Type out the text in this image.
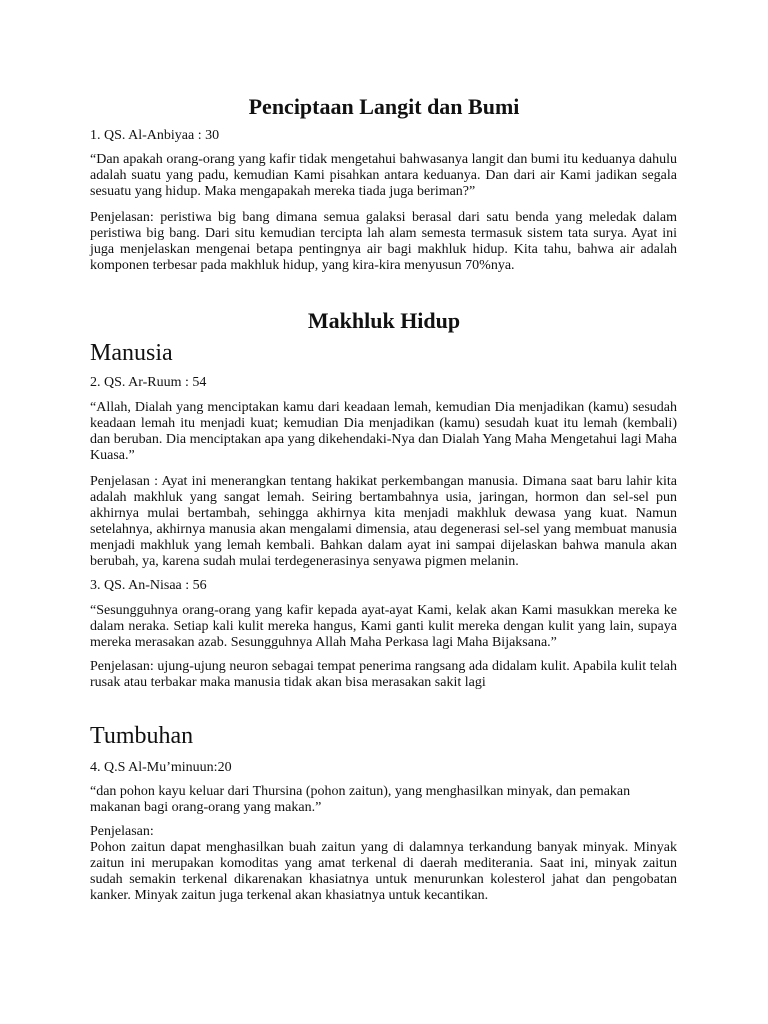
Penciptaan Langit dan Bumi

1. QS. Al-Anbiyaa : 30

“Dan apakah orang-orang yang kafir tidak mengetahui bahwasanya langit dan bumi itu keduanya dahulu adalah suatu yang padu, kemudian Kami pisahkan antara keduanya. Dan dari air Kami jadikan segala sesuatu yang hidup. Maka mengapakah mereka tiada juga beriman?”

Penjelasan: peristiwa big bang dimana semua galaksi berasal dari satu benda yang meledak dalam peristiwa big bang. Dari situ kemudian tercipta lah alam semesta termasuk sistem tata surya. Ayat ini juga menjelaskan mengenai betapa pentingnya air bagi makhluk hidup. Kita tahu, bahwa air adalah komponen terbesar pada makhluk hidup, yang kira-kira menyusun 70%nya.

Makhluk Hidup
Manusia

2. QS. Ar-Ruum : 54

“Allah, Dialah yang menciptakan kamu dari keadaan lemah, kemudian Dia menjadikan (kamu) sesudah keadaan lemah itu menjadi kuat; kemudian Dia menjadikan (kamu) sesudah kuat itu lemah (kembali) dan beruban. Dia menciptakan apa yang dikehendaki-Nya dan Dialah Yang Maha Mengetahui lagi Maha Kuasa.”

Penjelasan : Ayat ini menerangkan tentang hakikat perkembangan manusia. Dimana saat baru lahir kita adalah makhluk yang sangat lemah. Seiring bertambahnya usia, jaringan, hormon dan sel-sel pun akhirnya mulai bertambah, sehingga akhirnya kita menjadi makhluk dewasa yang kuat. Namun setelahnya, akhirnya manusia akan mengalami dimensia, atau degenerasi sel-sel yang membuat manusia menjadi makhluk yang lemah kembali. Bahkan dalam ayat ini sampai dijelaskan bahwa manula akan berubah, ya, karena sudah mulai terdegenerasinya senyawa pigmen melanin.

3. QS. An-Nisaa : 56

“Sesungguhnya orang-orang yang kafir kepada ayat-ayat Kami, kelak akan Kami masukkan mereka ke dalam neraka. Setiap kali kulit mereka hangus, Kami ganti kulit mereka dengan kulit yang lain, supaya mereka merasakan azab. Sesungguhnya Allah Maha Perkasa lagi Maha Bijaksana.”

Penjelasan: ujung-ujung neuron sebagai tempat penerima rangsang ada didalam kulit. Apabila kulit telah rusak atau terbakar maka manusia tidak akan bisa merasakan sakit lagi

Tumbuhan

4. Q.S Al-Mu’minuun:20

“dan pohon kayu keluar dari Thursina (pohon zaitun), yang menghasilkan minyak, dan pemakan makanan bagi orang-orang yang makan.”

Penjelasan:

Pohon zaitun dapat menghasilkan buah zaitun yang di dalamnya terkandung banyak minyak. Minyak zaitun ini merupakan komoditas yang amat terkenal di daerah mediterania. Saat ini, minyak zaitun sudah semakin terkenal dikarenakan khasiatnya untuk menurunkan kolesterol jahat dan pengobatan kanker. Minyak zaitun juga terkenal akan khasiatnya untuk kecantikan.
